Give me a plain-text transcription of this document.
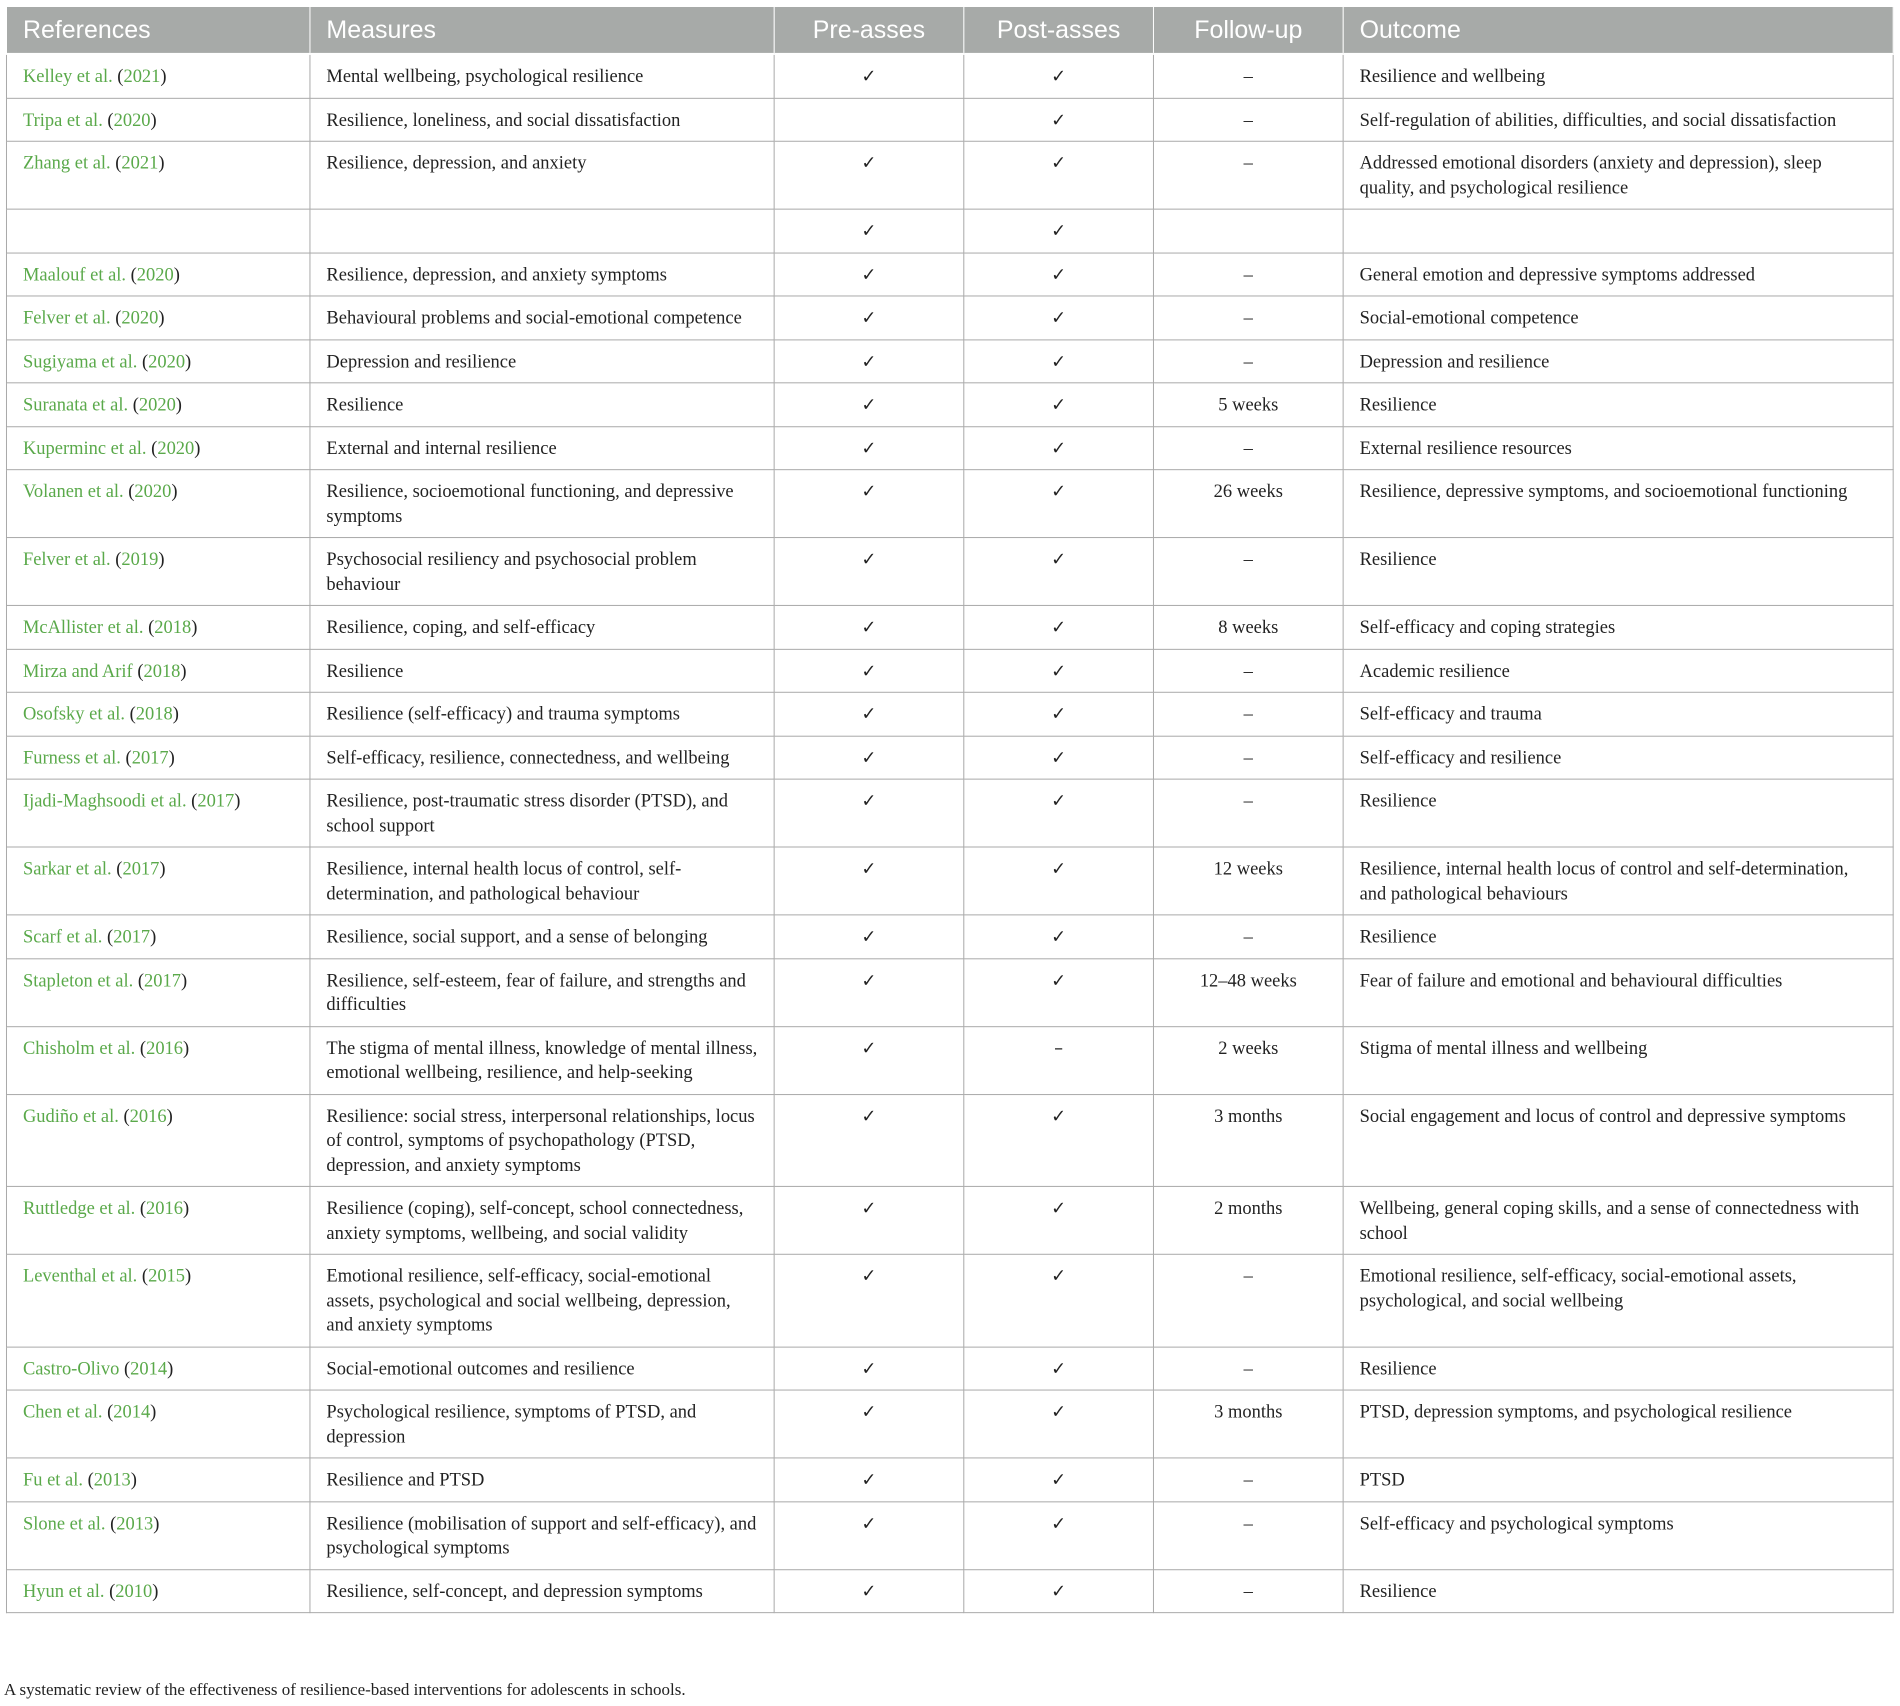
References	Measures	Pre-asses	Post-asses	Follow-up	Outcome
Kelley et al. (2021)	Mental wellbeing, psychological resilience	✓	✓	–	Resilience and wellbeing
Tripa et al. (2020)	Resilience, loneliness, and social dissatisfaction		✓	–	Self-regulation of abilities, difficulties, and social dissatisfaction
Zhang et al. (2021)	Resilience, depression, and anxiety	✓	✓	–	Addressed emotional disorders (anxiety and depression), sleep quality, and psychological resilience
		✓	✓		
Maalouf et al. (2020)	Resilience, depression, and anxiety symptoms	✓	✓	–	General emotion and depressive symptoms addressed
Felver et al. (2020)	Behavioural problems and social-emotional competence	✓	✓	–	Social-emotional competence
Sugiyama et al. (2020)	Depression and resilience	✓	✓	–	Depression and resilience
Suranata et al. (2020)	Resilience	✓	✓	5 weeks	Resilience
Kuperminc et al. (2020)	External and internal resilience	✓	✓	–	External resilience resources
Volanen et al. (2020)	Resilience, socioemotional functioning, and depressive symptoms	✓	✓	26 weeks	Resilience, depressive symptoms, and socioemotional functioning
Felver et al. (2019)	Psychosocial resiliency and psychosocial problem behaviour	✓	✓	–	Resilience
McAllister et al. (2018)	Resilience, coping, and self-efficacy	✓	✓	8 weeks	Self-efficacy and coping strategies
Mirza and Arif (2018)	Resilience	✓	✓	–	Academic resilience
Osofsky et al. (2018)	Resilience (self-efficacy) and trauma symptoms	✓	✓	–	Self-efficacy and trauma
Furness et al. (2017)	Self-efficacy, resilience, connectedness, and wellbeing	✓	✓	–	Self-efficacy and resilience
Ijadi-Maghsoodi et al. (2017)	Resilience, post-traumatic stress disorder (PTSD), and school support	✓	✓	–	Resilience
Sarkar et al. (2017)	Resilience, internal health locus of control, self-determination, and pathological behaviour	✓	✓	12 weeks	Resilience, internal health locus of control and self-determination, and pathological behaviours
Scarf et al. (2017)	Resilience, social support, and a sense of belonging	✓	✓	–	Resilience
Stapleton et al. (2017)	Resilience, self-esteem, fear of failure, and strengths and difficulties	✓	✓	12–48 weeks	Fear of failure and emotional and behavioural difficulties
Chisholm et al. (2016)	The stigma of mental illness, knowledge of mental illness, emotional wellbeing, resilience, and help-seeking	✓	–	2 weeks	Stigma of mental illness and wellbeing
Gudiño et al. (2016)	Resilience: social stress, interpersonal relationships, locus of control, symptoms of psychopathology (PTSD, depression, and anxiety symptoms	✓	✓	3 months	Social engagement and locus of control and depressive symptoms
Ruttledge et al. (2016)	Resilience (coping), self-concept, school connectedness, anxiety symptoms, wellbeing, and social validity	✓	✓	2 months	Wellbeing, general coping skills, and a sense of connectedness with school
Leventhal et al. (2015)	Emotional resilience, self-efficacy, social-emotional assets, psychological and social wellbeing, depression, and anxiety symptoms	✓	✓	–	Emotional resilience, self-efficacy, social-emotional assets, psychological, and social wellbeing
Castro-Olivo (2014)	Social-emotional outcomes and resilience	✓	✓	–	Resilience
Chen et al. (2014)	Psychological resilience, symptoms of PTSD, and depression	✓	✓	3 months	PTSD, depression symptoms, and psychological resilience
Fu et al. (2013)	Resilience and PTSD	✓	✓	–	PTSD
Slone et al. (2013)	Resilience (mobilisation of support and self-efficacy), and psychological symptoms	✓	✓	–	Self-efficacy and psychological symptoms
Hyun et al. (2010)	Resilience, self-concept, and depression symptoms	✓	✓	–	Resilience
A systematic review of the effectiveness of resilience-based interventions for adolescents in schools.
